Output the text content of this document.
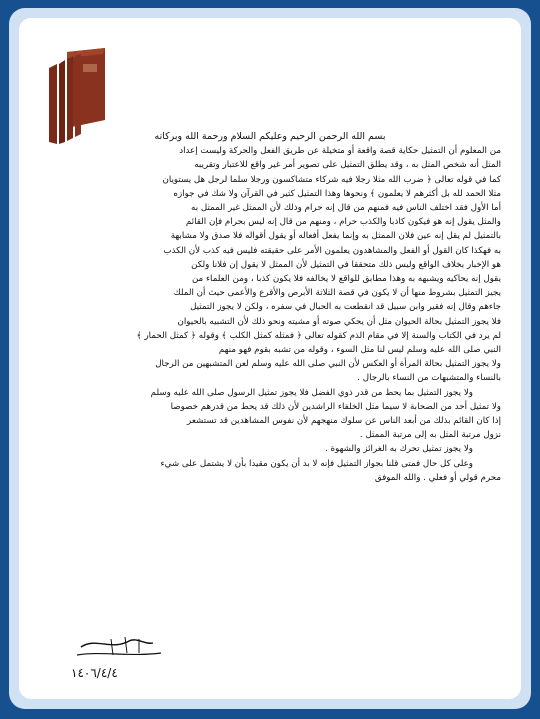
بسم الله الرحمن الرحيم وعليكم السلام ورحمة الله وبركاته

من المعلوم أن التمثيل حكاية قصة واقعة أو متخيلة عن طريق الفعل والحركة وليست إعداد
المثل أنه شخص المثل به ، وقد يطلق التمثيل على تصوير أمر غير واقع للاعتبار وتقريبه
كما في قوله تعالى ﴿ ضرب الله مثلا رجلا فيه شركاء متشاكسون ورجلا سلما لرجل هل يستويان
مثلا الحمد لله بل أكثرهم لا يعلمون ﴾ ونحوها وهذا التمثيل كثير في القرآن ولا شك في جوازه
أما الأول فقد اختلف الناس فيه فمنهم من قال إنه حرام وذلك لأن الممثل غير الممثل به
والمثل يقول إنه هو فيكون كاذبا والكذب حرام ، ومنهم من قال إنه ليس بحرام فإن القائم
بالتمثيل لم يقل إنه عين فلان الممثل به وإنما يفعل أفعاله أو يقول أقواله فلا صدق ولا مشابهة
به فهكذا كان القول أو الفعل والمشاهدون يعلمون الأمر على حقيقته فليس فيه كذب لأن الكذب
هو الإخبار بخلاف الواقع وليس ذلك متحققا في التمثيل لأن الممثل لا يقول إن فلانا ولكن
يقول إنه يحاكيه ويشبهه به وهذا مطابق للواقع لا يخالفه فلا يكون كذبا ، ومن العلماء من
يجيز التمثيل بشروط منها أن لا يكون في قصة الثلاثة الأبرص والأقرع والأعمى حيث أن الملك
جاءهم وقال إنه فقير وابن سبيل قد انقطعت به الحبال في سفره ، ولكن لا يجوز التمثيل
فلا يجوز التمثيل بحالة الحيوان مثل أن يحكي صوته أو مشيته ونحو ذلك لأن التشبيه بالحيوان
لم يرد في الكتاب والسنة إلا في مقام الذم كقوله تعالى ﴿ فمثله كمثل الكلب ﴾ وقوله ﴿ كمثل الحمار ﴾
النبي صلى الله عليه وسلم ليس لنا مثل السوء ، وقوله من تشبه بقوم فهو منهم
ولا يجوز التمثيل بحالة المرأة أو العكس لأن النبي صلى الله عليه وسلم لعن المتشبهين من الرجال
بالنساء والمتشبهات من النساء بالرجال .
ولا يجوز التمثيل بما يحط من قدر ذوي الفضل فلا يجوز تمثيل الرسول صلى الله عليه وسلم
ولا تمثيل أحد من الصحابة لا سيما مثل الخلفاء الراشدين لأن ذلك قد يحط من قدرهم خصوصا
إذا كان القائم بذلك من أبعد الناس عن سلوك منهجهم لأن نفوس المشاهدين قد تستشعر
نزول مرتبة المثل به إلى مرتبة الممثل .
ولا يجوز تمثيل تحرك به الغرائز والشهوة .
وعلى كل حال فمتى قلنا بجواز التمثيل فإنه لا بد أن يكون مقيدا بأن لا يشتمل على شيء
محرم قولي أو فعلي . والله الموفق
١٤٠٦/٤/٤
